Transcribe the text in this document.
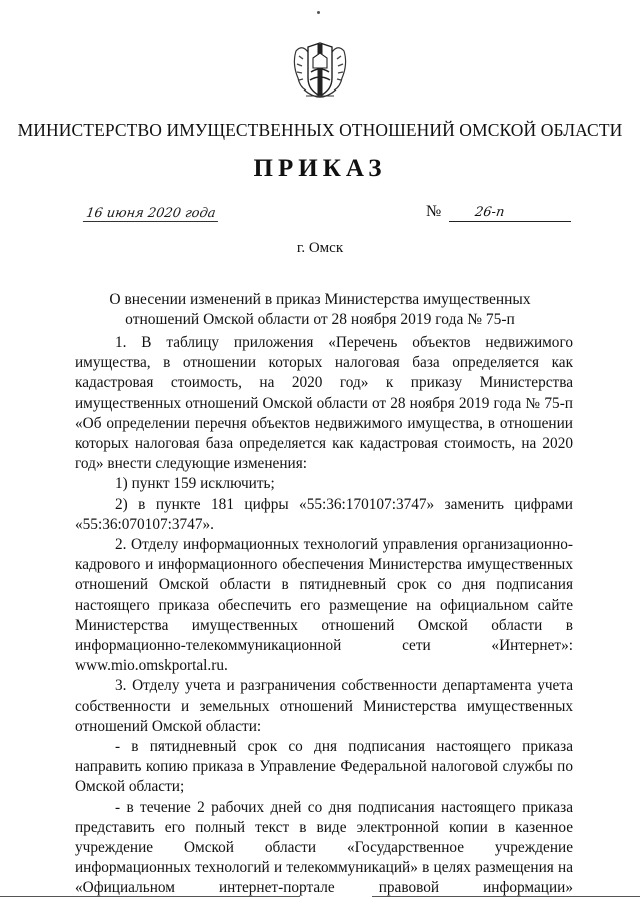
МИНИСТЕРСТВО ИМУЩЕСТВЕННЫХ ОТНОШЕНИЙ ОМСКОЙ ОБЛАСТИ
ПРИКАЗ
16 июня 2020 года	№	26-п
г. Омск
О внесении изменений в приказ Министерства имущественных
отношений Омской области от 28 ноября 2019 года № 75-п

1. В таблицу приложения «Перечень объектов недвижимого имущества, в отношении которых налоговая база определяется как кадастровая стоимость, на 2020 год» к приказу Министерства имущественных отношений Омской области от 28 ноября 2019 года № 75-п «Об определении перечня объектов недвижимого имущества, в отношении которых налоговая база определяется как кадастровая стоимость, на 2020 год» внести следующие изменения:

1) пункт 159 исключить;

2) в пункте 181 цифры «55:36:170107:3747» заменить цифрами «55:36:070107:3747».

2. Отделу информационных технологий управления организационно-кадрового и информационного обеспечения Министерства имущественных отношений Омской области в пятидневный срок со дня подписания настоящего приказа обеспечить его размещение на официальном сайте Министерства имущественных отношений Омской области в информационно-телекоммуникационной сети «Интернет»: www.mio.omskportal.ru.

3. Отделу учета и разграничения собственности департамента учета собственности и земельных отношений Министерства имущественных отношений Омской области:

- в пятидневный срок со дня подписания настоящего приказа направить копию приказа в Управление Федеральной налоговой службы по Омской области;

- в течение 2 рабочих дней со дня подписания настоящего приказа представить его полный текст в виде электронной копии в казенное учреждение Омской области «Государственное учреждение информационных технологий и телекоммуникаций» в целях размещения на «Официальном интернет-портале правовой информации»
